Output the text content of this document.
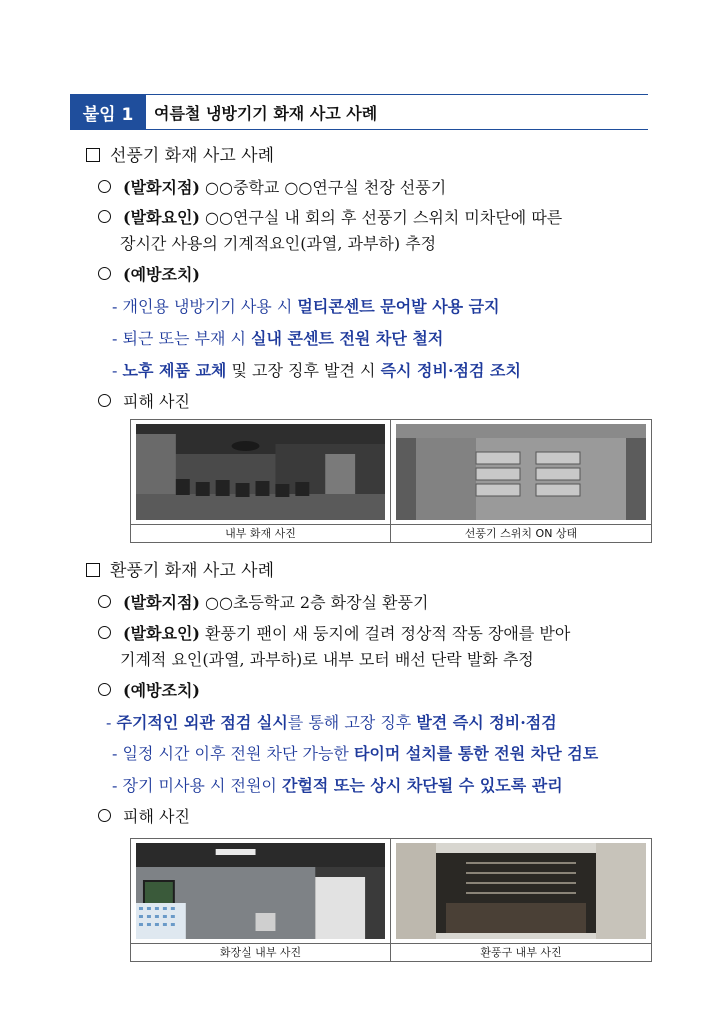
붙임 1	여름철 냉방기기 화재 사고 사례
선풍기 화재 사고 사례
(발화지점) ○○중학교 ○○연구실 천장 선풍기
(발화요인) ○○연구실 내 회의 후 선풍기 스위치 미차단에 따른
장시간 사용의 기계적요인(과열, 과부하) 추정
(예방조치)
- 개인용 냉방기기 사용 시 멀티콘센트 문어발 사용 금지
- 퇴근 또는 부재 시 실내 콘센트 전원 차단 철저
- 노후 제품 교체 및 고장 징후 발견 시 즉시 정비·점검 조치
피해 사진
내부 화재 사진	선풍기 스위치 ON 상태
환풍기 화재 사고 사례
(발화지점) ○○초등학교 2층 화장실 환풍기
(발화요인) 환풍기 팬이 새 둥지에 걸려 정상적 작동 장애를 받아
기계적 요인(과열, 과부하)로 내부 모터 배선 단락 발화 추정
(예방조치)
- 주기적인 외관 점검 실시를 통해 고장 징후 발견 즉시 정비·점검
- 일정 시간 이후 전원 차단 가능한 타이머 설치를 통한 전원 차단 검토
- 장기 미사용 시 전원이 간헐적 또는 상시 차단될 수 있도록 관리
피해 사진
화장실 내부 사진	환풍구 내부 사진
